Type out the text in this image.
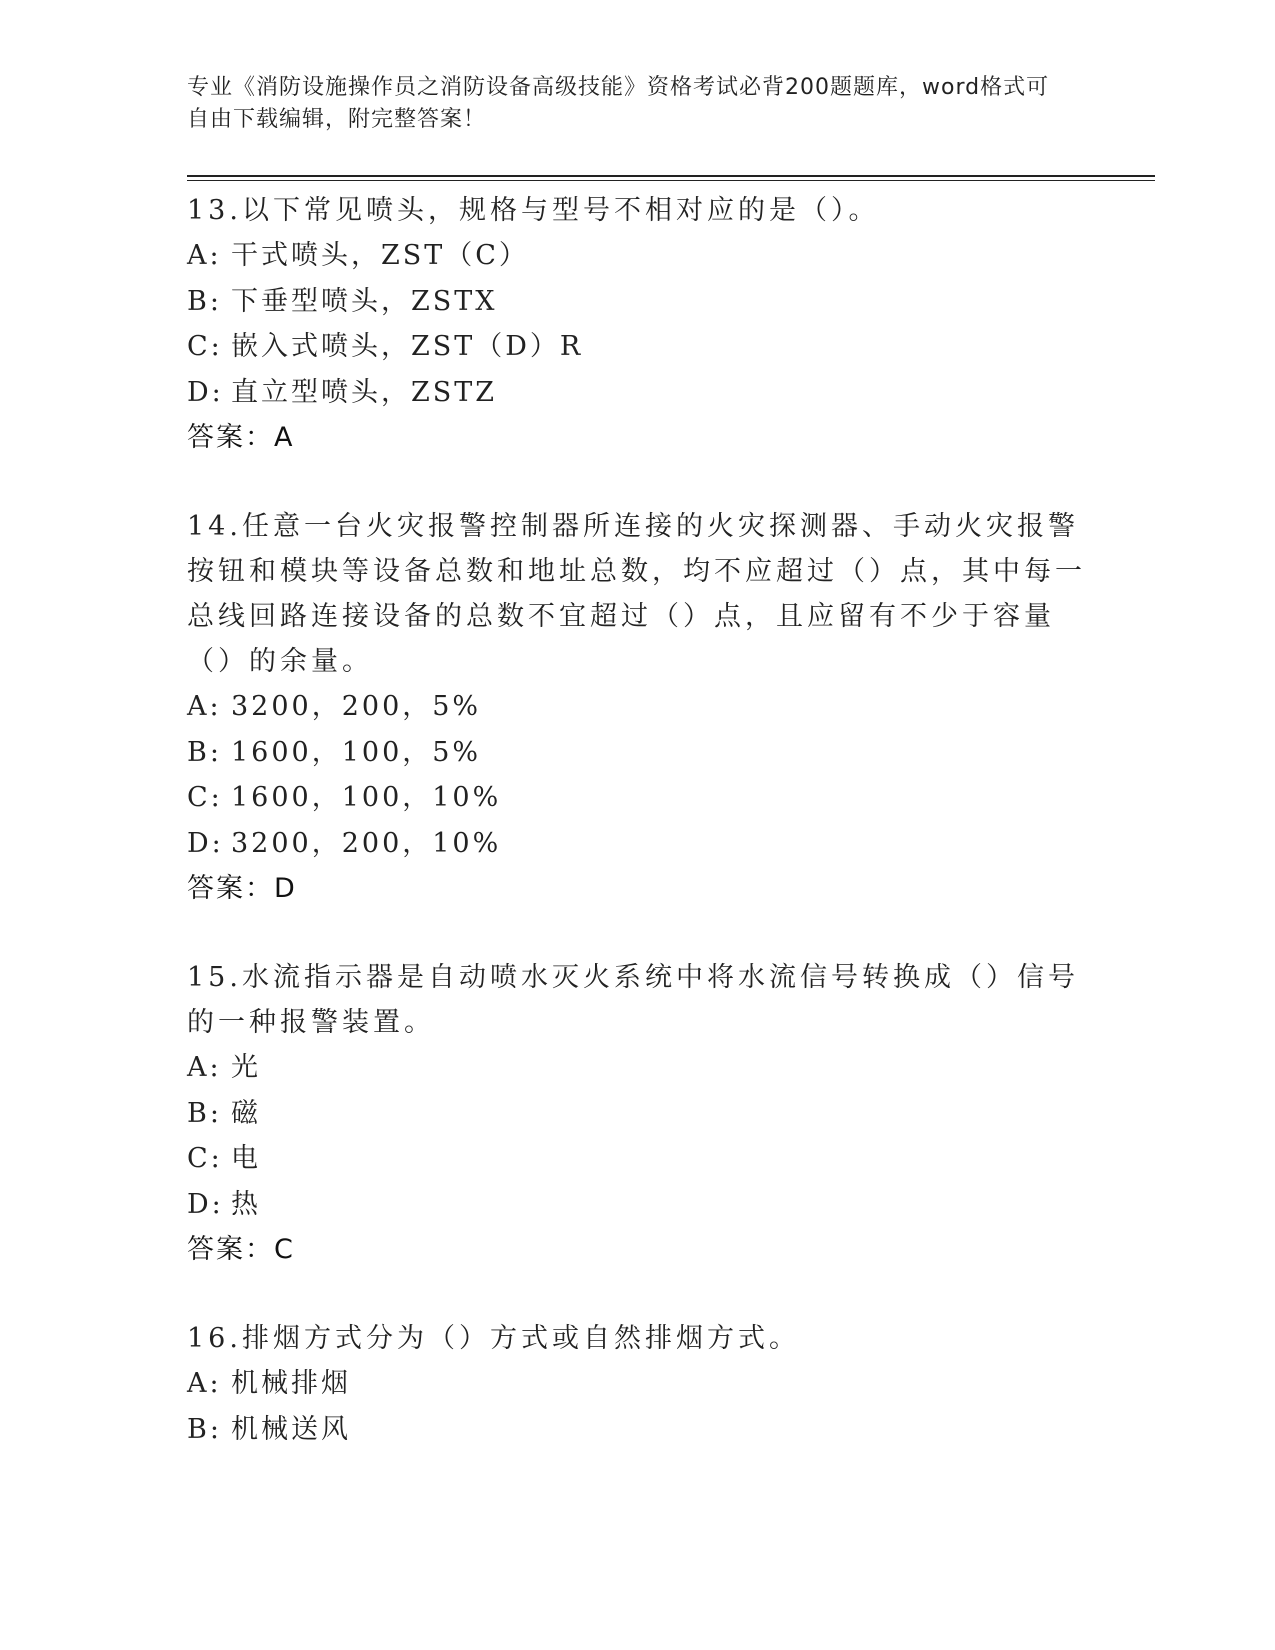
专业《消防设施操作员之消防设备高级技能》资格考试必背200题题库，word格式可自由下载编辑，附完整答案！
13.以下常见喷头，规格与型号不相对应的是（）。
A: 干式喷头，ZST（C）
B: 下垂型喷头，ZSTX
C: 嵌入式喷头，ZST（D）R
D: 直立型喷头，ZSTZ
答案：A
14.任意一台火灾报警控制器所连接的火灾探测器、手动火灾报警按钮和模块等设备总数和地址总数，均不应超过（）点，其中每一总线回路连接设备的总数不宜超过（）点，且应留有不少于容量（）的余量。
A: 3200，200，5%
B: 1600，100，5%
C: 1600，100，10%
D: 3200，200，10%
答案：D
15.水流指示器是自动喷水灭火系统中将水流信号转换成（）信号的一种报警装置。
A: 光
B: 磁
C: 电
D: 热
答案：C
16.排烟方式分为（）方式或自然排烟方式。
A: 机械排烟
B: 机械送风
